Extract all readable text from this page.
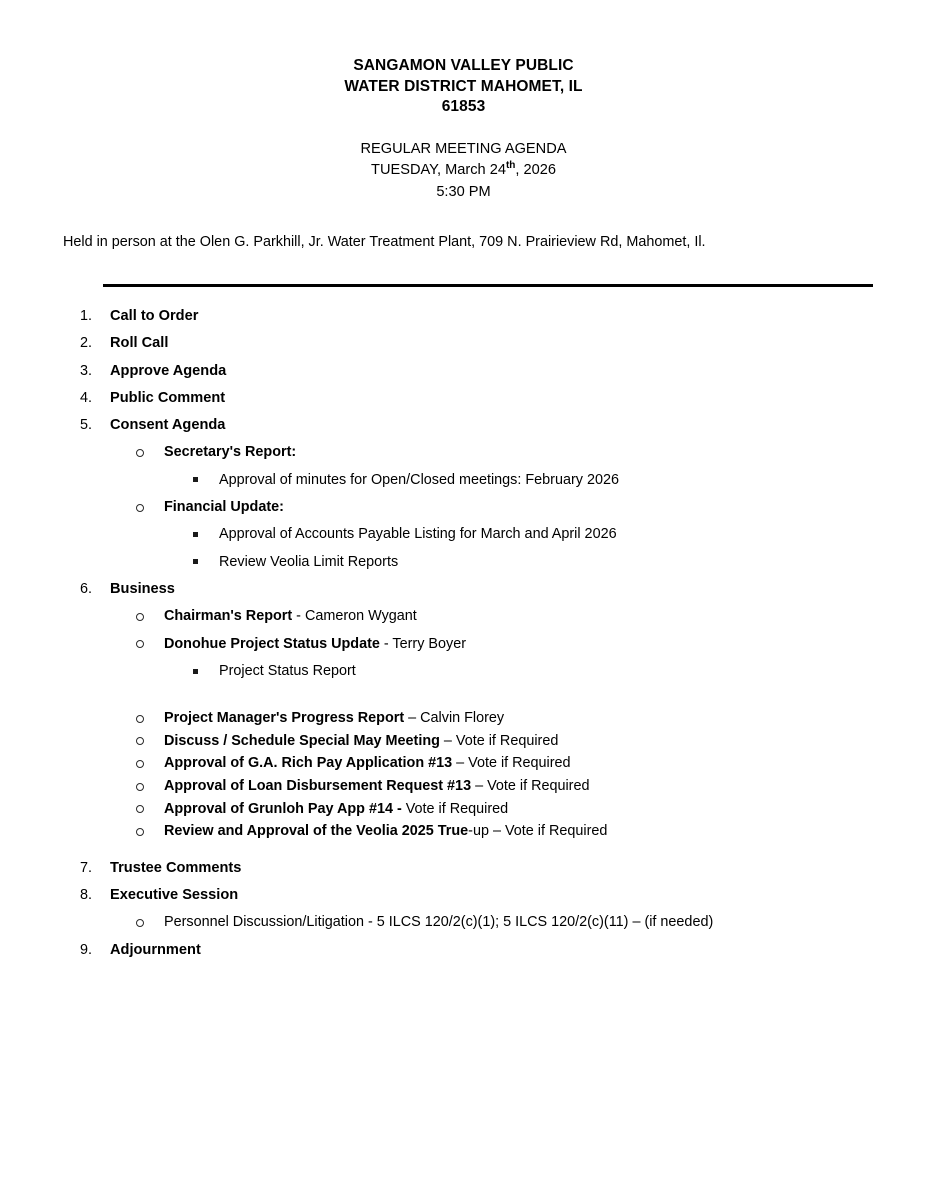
SANGAMON VALLEY PUBLIC
WATER DISTRICT MAHOMET, IL
61853
REGULAR MEETING AGENDA
TUESDAY, March 24th, 2026
5:30 PM
Held in person at the Olen G. Parkhill, Jr. Water Treatment Plant, 709 N. Prairieview Rd, Mahomet, Il.
1.	Call to Order
2.	Roll Call
3.	Approve Agenda
4.	Public Comment
5.	Consent Agenda
Secretary's Report:
Approval of minutes for Open/Closed meetings: February 2026
Financial Update:
Approval of Accounts Payable Listing for March and April 2026
Review Veolia Limit Reports
6.	Business
Chairman's Report - Cameron Wygant
Donohue Project Status Update - Terry Boyer
Project Status Report
Project Manager's Progress Report – Calvin Florey
Discuss / Schedule Special May Meeting – Vote if Required
Approval of G.A. Rich Pay Application #13 – Vote if Required
Approval of Loan Disbursement Request #13 – Vote if Required
Approval of Grunloh Pay App #14 - Vote if Required
Review and Approval of the Veolia 2025 True-up – Vote if Required
7.	Trustee Comments
8.	Executive Session
Personnel Discussion/Litigation - 5 ILCS 120/2(c)(1); 5 ILCS 120/2(c)(11) – (if needed)
9.	Adjournment
